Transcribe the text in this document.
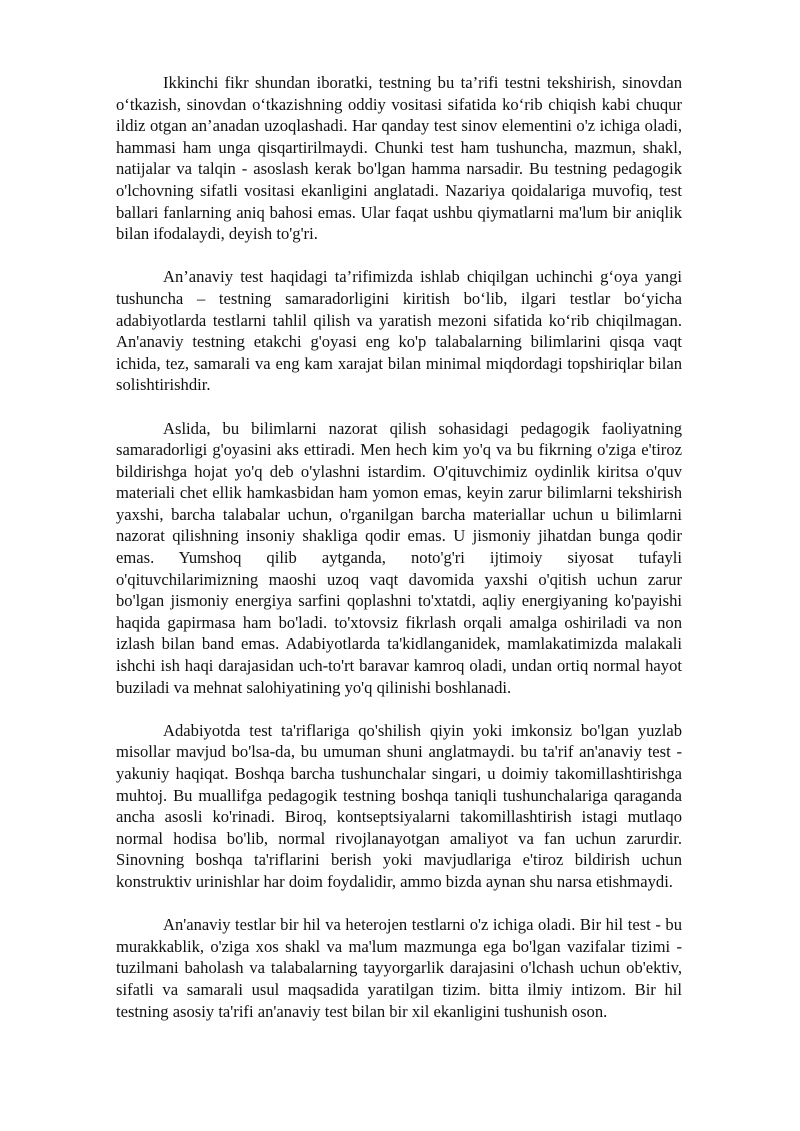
Ikkinchi fikr shundan iboratki, testning bu ta’rifi testni tekshirish, sinovdan o‘tkazish, sinovdan o‘tkazishning oddiy vositasi sifatida ko‘rib chiqish kabi chuqur ildiz otgan an’anadan uzoqlashadi. Har qanday test sinov elementini o'z ichiga oladi, hammasi ham unga qisqartirilmaydi. Chunki test ham tushuncha, mazmun, shakl, natijalar va talqin - asoslash kerak bo'lgan hamma narsadir. Bu testning pedagogik o'lchovning sifatli vositasi ekanligini anglatadi. Nazariya qoidalariga muvofiq, test ballari fanlarning aniq bahosi emas. Ular faqat ushbu qiymatlarni ma'lum bir aniqlik bilan ifodalaydi, deyish to'g'ri.

An’anaviy test haqidagi ta’rifimizda ishlab chiqilgan uchinchi g‘oya yangi tushuncha – testning samaradorligini kiritish bo‘lib, ilgari testlar bo‘yicha adabiyotlarda testlarni tahlil qilish va yaratish mezoni sifatida ko‘rib chiqilmagan. An'anaviy testning etakchi g'oyasi eng ko'p talabalarning bilimlarini qisqa vaqt ichida, tez, samarali va eng kam xarajat bilan minimal miqdordagi topshiriqlar bilan solishtirishdir.

Aslida, bu bilimlarni nazorat qilish sohasidagi pedagogik faoliyatning samaradorligi g'oyasini aks ettiradi. Men hech kim yo'q va bu fikrning o'ziga e'tiroz bildirishga hojat yo'q deb o'ylashni istardim. O'qituvchimiz oydinlik kiritsa o'quv materiali chet ellik hamkasbidan ham yomon emas, keyin zarur bilimlarni tekshirish yaxshi, barcha talabalar uchun, o'rganilgan barcha materiallar uchun u bilimlarni nazorat qilishning insoniy shakliga qodir emas. U jismoniy jihatdan bunga qodir emas. Yumshoq qilib aytganda, noto'g'ri ijtimoiy siyosat tufayli o'qituvchilarimizning maoshi uzoq vaqt davomida yaxshi o'qitish uchun zarur bo'lgan jismoniy energiya sarfini qoplashni to'xtatdi, aqliy energiyaning ko'payishi haqida gapirmasa ham bo'ladi. to'xtovsiz fikrlash orqali amalga oshiriladi va non izlash bilan band emas. Adabiyotlarda ta'kidlanganidek, mamlakatimizda malakali ishchi ish haqi darajasidan uch-to'rt baravar kamroq oladi, undan ortiq normal hayot buziladi va mehnat salohiyatining yo'q qilinishi boshlanadi.

Adabiyotda test ta'riflariga qo'shilish qiyin yoki imkonsiz bo'lgan yuzlab misollar mavjud bo'lsa-da, bu umuman shuni anglatmaydi. bu ta'rif an'anaviy test - yakuniy haqiqat. Boshqa barcha tushunchalar singari, u doimiy takomillashtirishga muhtoj. Bu muallifga pedagogik testning boshqa taniqli tushunchalariga qaraganda ancha asosli ko'rinadi. Biroq, kontseptsiyalarni takomillashtirish istagi mutlaqo normal hodisa bo'lib, normal rivojlanayotgan amaliyot va fan uchun zarurdir. Sinovning boshqa ta'riflarini berish yoki mavjudlariga e'tiroz bildirish uchun konstruktiv urinishlar har doim foydalidir, ammo bizda aynan shu narsa etishmaydi.

An'anaviy testlar bir hil va heterojen testlarni o'z ichiga oladi. Bir hil test - bu murakkablik, o'ziga xos shakl va ma'lum mazmunga ega bo'lgan vazifalar tizimi - tuzilmani baholash va talabalarning tayyorgarlik darajasini o'lchash uchun ob'ektiv, sifatli va samarali usul maqsadida yaratilgan tizim. bitta ilmiy intizom. Bir hil testning asosiy ta'rifi an'anaviy test bilan bir xil ekanligini tushunish oson.
